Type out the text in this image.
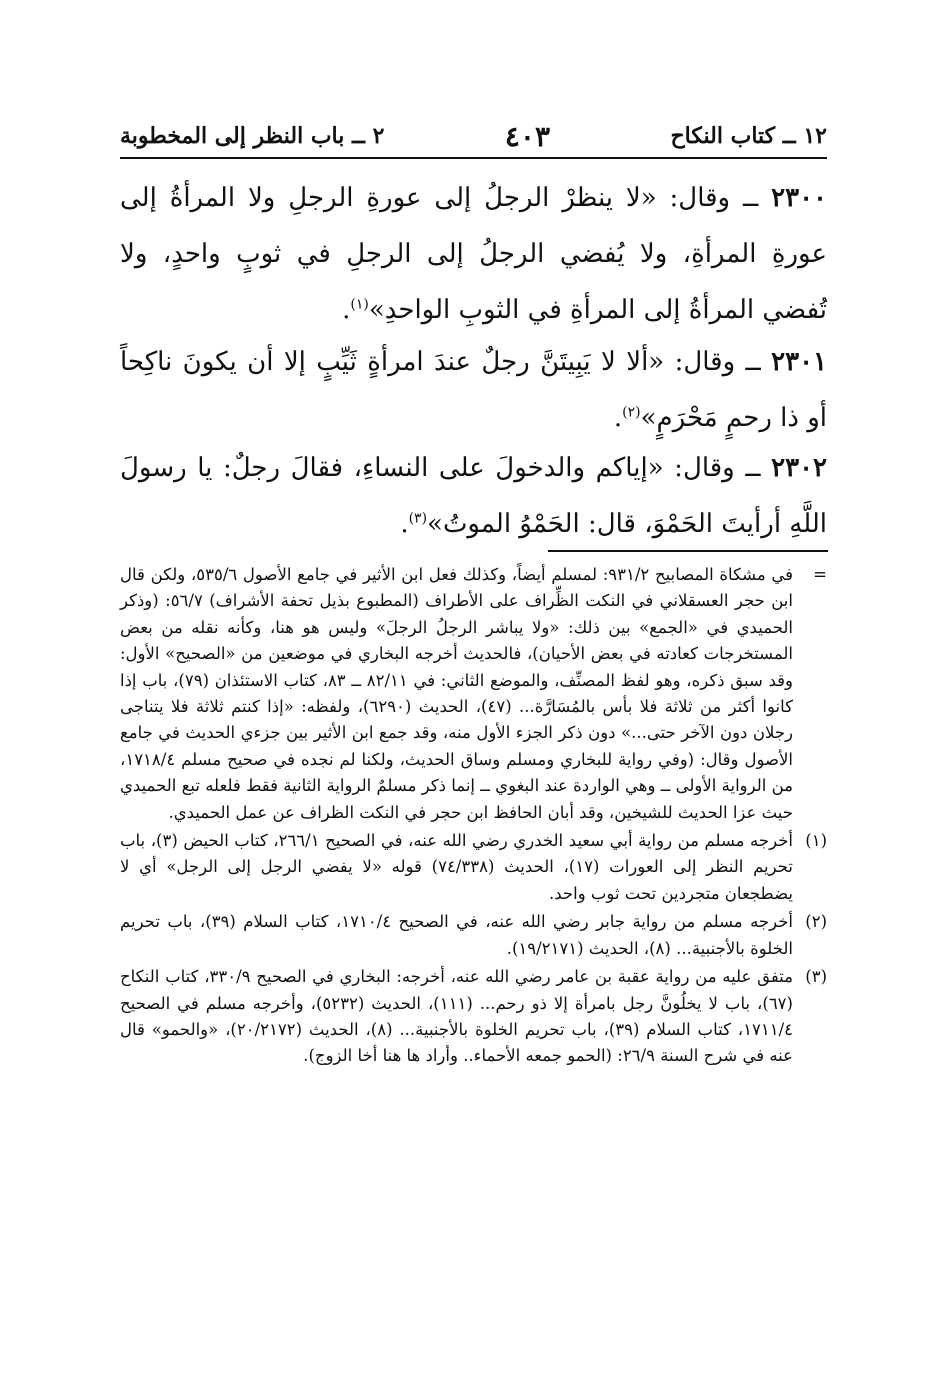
١٢ ــ كتاب النكاح
٤٠٣
٢ ــ باب النظر إلى المخطوبة
٢٣٠٠ ــ وقال: «لا ينظرْ الرجلُ إلى عورةِ الرجلِ ولا المرأةُ إلى عورةِ المرأةِ، ولا يُفضي الرجلُ إلى الرجلِ في ثوبٍ واحدٍ، ولا تُفضي المرأةُ إلى المرأةِ في الثوبِ الواحدِ»$^{(١)}$.
٢٣٠١ ــ وقال: «ألا لا يَبِيتَنَّ رجلٌ عندَ امرأةٍ ثَيِّبٍ إلا أن يكونَ ناكِحاً أو ذا رحمٍ مَحْرَمٍ»$^{(٢)}$.
٢٣٠٢ ــ وقال: «إياكم والدخولَ على النساءِ، فقالَ رجلٌ: يا رسولَ اللَّهِ أرأيتَ الحَمْوَ، قال: الحَمْوُ الموتُ»$^{(٣)}$.
=
في مشكاة المصابيح ٩٣١/٢: لمسلم أيضاً، وكذلك فعل ابن الأثير في جامع الأصول ٥٣٥/٦، ولكن قال ابن حجر العسقلاني في النكت الظِّراف على الأطراف (المطبوع بذيل تحفة الأشراف) ٥٦/٧: (وذكر الحميدي في «الجمع» بين ذلك: «ولا يباشر الرجلُ الرجلَ» وليس هو هنا، وكأنه نقله من بعض المستخرجات كعادته في بعض الأحيان)، فالحديث أخرجه البخاري في موضعين من «الصحيح» الأول: وقد سبق ذكره، وهو لفظ المصنِّف، والموضع الثاني: في ٨٢/١١ ــ ٨٣، كتاب الاستئذان (٧٩)، باب إذا كانوا أكثر من ثلاثة فلا بأس بالمُسَارَّة... (٤٧)، الحديث (٦٢٩٠)، ولفظه: «إذا كنتم ثلاثة فلا يتناجى رجلان دون الآخر حتى...» دون ذكر الجزء الأول منه، وقد جمع ابن الأثير بين جزءي الحديث في جامع الأصول وقال: (وفي رواية للبخاري ومسلم وساق الحديث، ولكنا لم نجده في صحيح مسلم ١٧١٨/٤، من الرواية الأولى ــ وهي الواردة عند البغوي ــ إنما ذكر مسلمٌ الرواية الثانية فقط فلعله تبع الحميدي حيث عزا الحديث للشيخين، وقد أبان الحافظ ابن حجر في النكت الظراف عن عمل الحميدي.
(١)
أخرجه مسلم من رواية أبي سعيد الخدري رضي الله عنه، في الصحيح ٢٦٦/١، كتاب الحيض (٣)، باب تحريم النظر إلى العورات (١٧)، الحديث (٧٤/٣٣٨) قوله «لا يفضي الرجل إلى الرجل» أي لا يضطجعان متجردين تحت ثوب واحد.
(٢)
أخرجه مسلم من رواية جابر رضي الله عنه، في الصحيح ١٧١٠/٤، كتاب السلام (٣٩)، باب تحريم الخلوة بالأجنبية... (٨)، الحديث (١٩/٢١٧١).
(٣)
متفق عليه من رواية عقبة بن عامر رضي الله عنه، أخرجه: البخاري في الصحيح ٣٣٠/٩، كتاب النكاح (٦٧)، باب لا يخلُونَّ رجل بامرأة إلا ذو رحم... (١١١)، الحديث (٥٢٣٢)، وأخرجه مسلم في الصحيح ١٧١١/٤، كتاب السلام (٣٩)، باب تحريم الخلوة بالأجنبية... (٨)، الحديث (٢٠/٢١٧٢)، «والحمو» قال عنه في شرح السنة ٢٦/٩: (الحمو جمعه الأحماء.. وأراد ها هنا أخا الزوج).
